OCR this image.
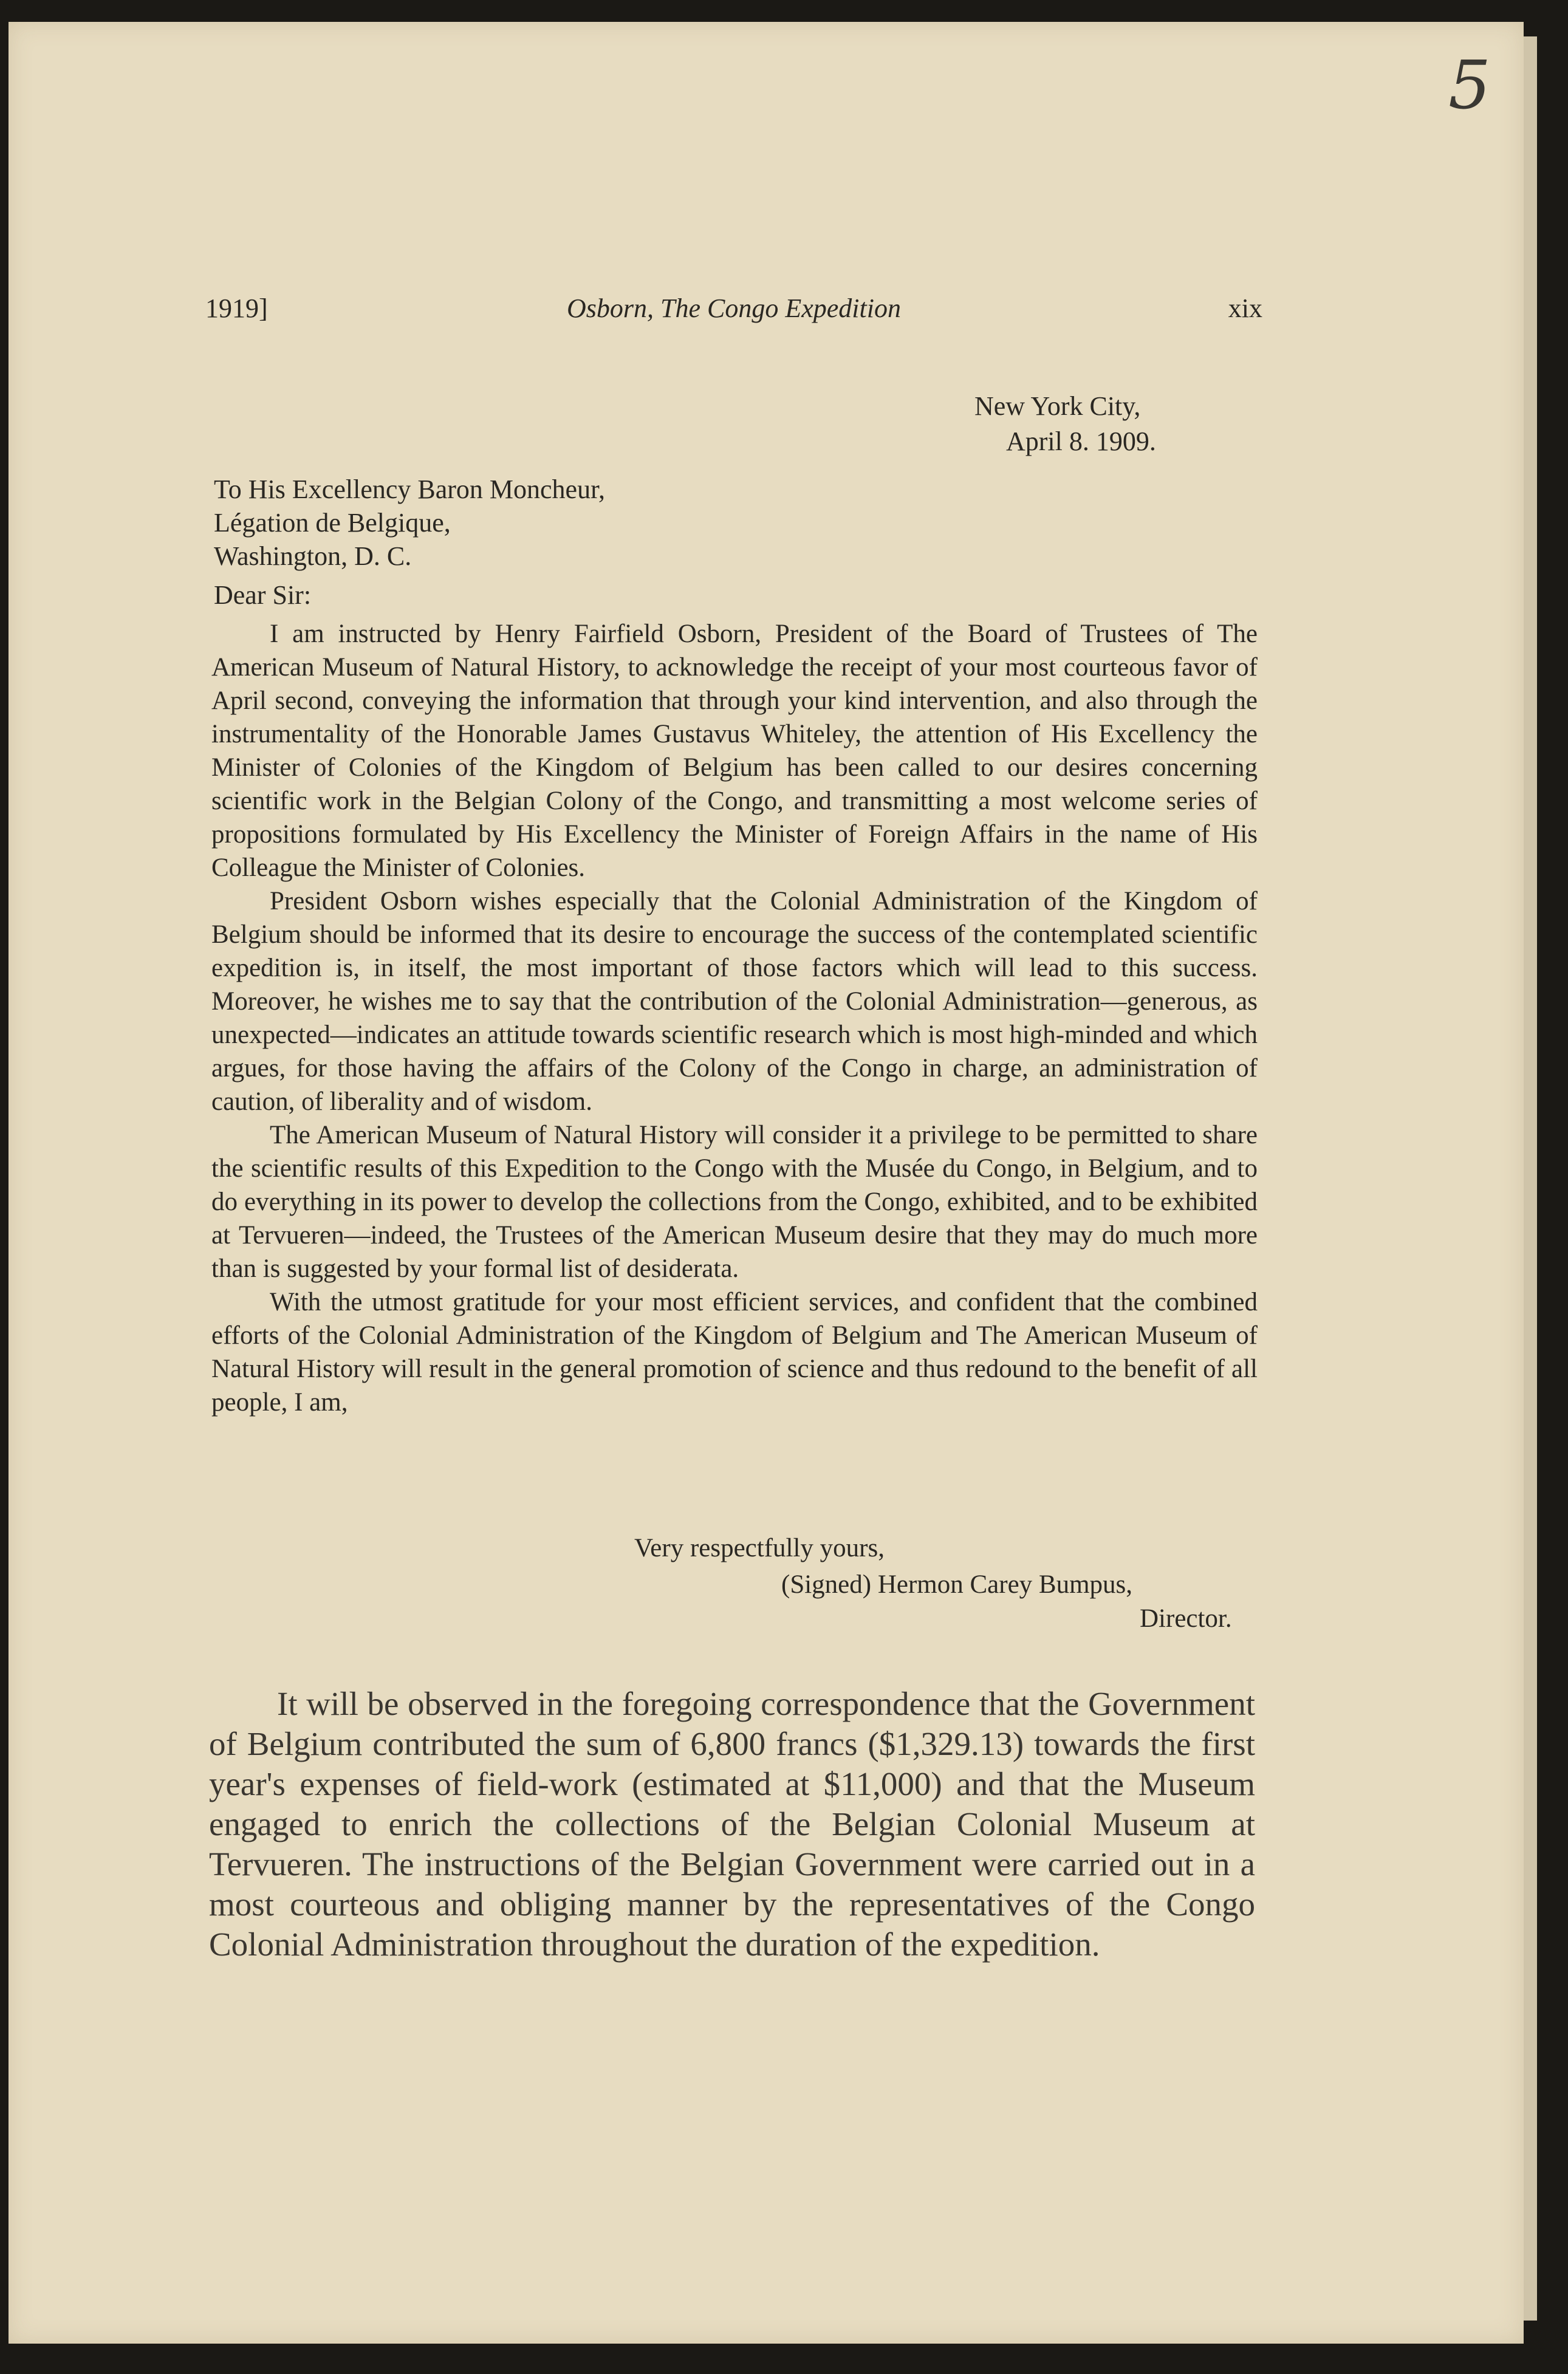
5
Osborn, The Congo Expedition
1919]	xix
New York City,
April 8. 1909.
To His Excellency Baron Moncheur,
Légation de Belgique,
Washington, D. C.
Dear Sir:

I am instructed by Henry Fairfield Osborn, President of the Board of Trustees of The American Museum of Natural History, to acknowledge the receipt of your most courteous favor of April second, conveying the information that through your kind intervention, and also through the instrumentality of the Honorable James Gustavus Whiteley, the attention of His Excellency the Minister of Colonies of the Kingdom of Belgium has been called to our desires concerning scientific work in the Belgian Colony of the Congo, and transmitting a most welcome series of propositions formulated by His Excellency the Minister of Foreign Affairs in the name of His Colleague the Minister of Colonies.

President Osborn wishes especially that the Colonial Administration of the Kingdom of Belgium should be informed that its desire to encourage the success of the contemplated scientific expedition is, in itself, the most important of those factors which will lead to this success. Moreover, he wishes me to say that the contribution of the Colonial Administration—generous, as unexpected—indicates an attitude towards scientific research which is most high-minded and which argues, for those having the affairs of the Colony of the Congo in charge, an administration of caution, of liberality and of wisdom.

The American Museum of Natural History will consider it a privilege to be permitted to share the scientific results of this Expedition to the Congo with the Musée du Congo, in Belgium, and to do everything in its power to develop the collections from the Congo, exhibited, and to be exhibited at Tervueren—indeed, the Trustees of the American Museum desire that they may do much more than is suggested by your formal list of desiderata.

With the utmost gratitude for your most efficient services, and confident that the combined efforts of the Colonial Administration of the Kingdom of Belgium and The American Museum of Natural History will result in the general promotion of science and thus redound to the benefit of all people, I am,

Very respectfully yours,
(Signed) Hermon Carey Bumpus,
Director.

It will be observed in the foregoing correspondence that the Government of Belgium contributed the sum of 6,800 francs ($1,329.13) towards the first year's expenses of field-work (estimated at $11,000) and that the Museum engaged to enrich the collections of the Belgian Colonial Museum at Tervueren. The instructions of the Belgian Government were carried out in a most courteous and obliging manner by the representatives of the Congo Colonial Administration throughout the duration of the expedition.
